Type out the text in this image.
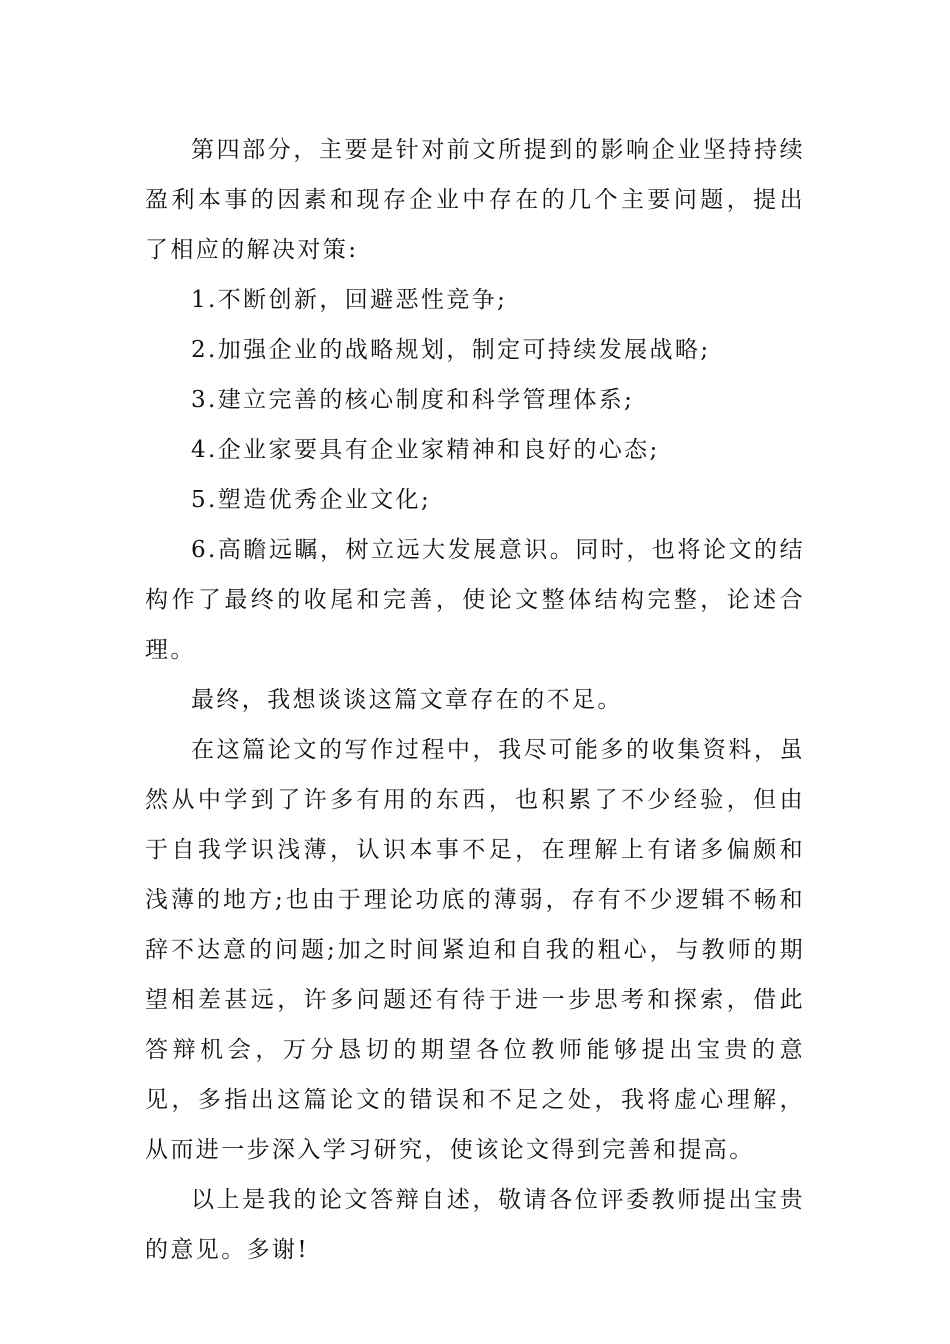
第四部分，主要是针对前文所提到的影响企业坚持持续盈利本事的因素和现存企业中存在的几个主要问题，提出了相应的解决对策:

1.不断创新，回避恶性竞争;

2.加强企业的战略规划，制定可持续发展战略;

3.建立完善的核心制度和科学管理体系;

4.企业家要具有企业家精神和良好的心态;

5.塑造优秀企业文化;

6.高瞻远瞩，树立远大发展意识。同时，也将论文的结构作了最终的收尾和完善，使论文整体结构完整，论述合理。

最终，我想谈谈这篇文章存在的不足。

在这篇论文的写作过程中，我尽可能多的收集资料，虽然从中学到了许多有用的东西，也积累了不少经验，但由于自我学识浅薄，认识本事不足，在理解上有诸多偏颇和浅薄的地方;也由于理论功底的薄弱，存有不少逻辑不畅和辞不达意的问题;加之时间紧迫和自我的粗心，与教师的期望相差甚远，许多问题还有待于进一步思考和探索，借此答辩机会，万分恳切的期望各位教师能够提出宝贵的意见，多指出这篇论文的错误和不足之处，我将虚心理解，从而进一步深入学习研究，使该论文得到完善和提高。

以上是我的论文答辩自述，敬请各位评委教师提出宝贵的意见。多谢!
